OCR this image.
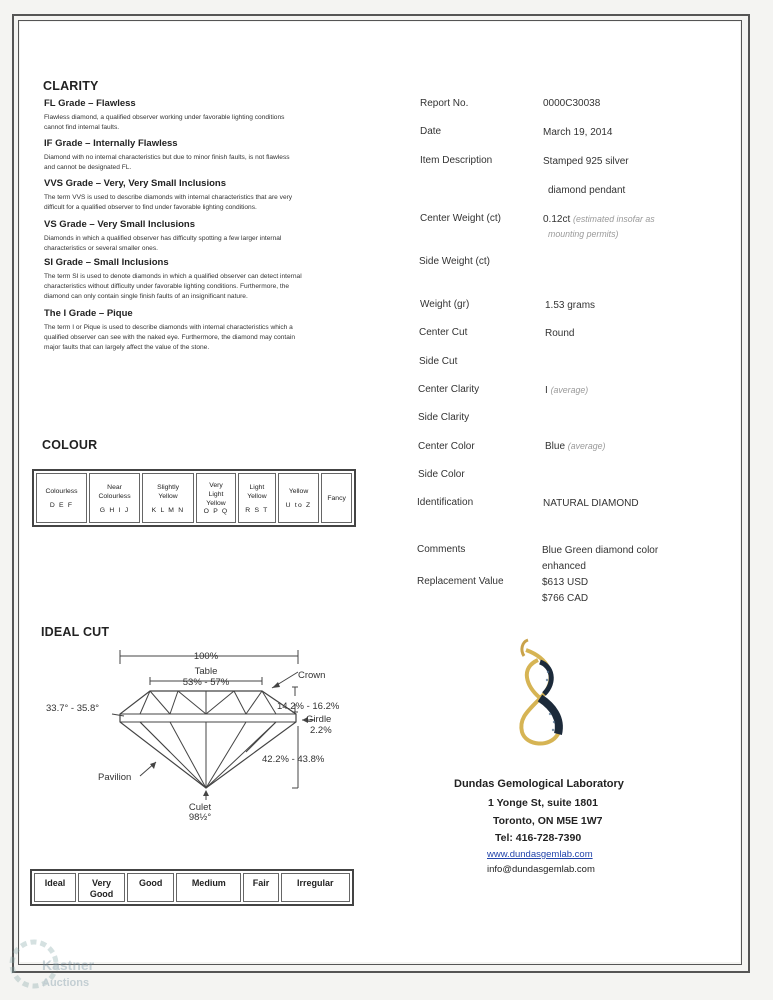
CLARITY
FL Grade – Flawless
Flawless diamond, a qualified observer working under favorable lighting conditions
cannot find internal faults.
IF Grade – Internally Flawless
Diamond with no internal characteristics but due to minor finish faults, is not flawless
and cannot be designated FL.
VVS Grade – Very, Very Small Inclusions
The term VVS is used to describe diamonds with internal characteristics that are very
difficult for a qualified observer to find under favorable lighting conditions.
VS Grade – Very Small Inclusions
Diamonds in which a qualified observer has difficulty spotting a few larger internal
characteristics or several smaller ones.
SI Grade – Small Inclusions
The term SI is used to denote diamonds in which a qualified observer can detect internal
characteristics without difficulty under favorable lighting conditions. Furthermore, the
diamond can only contain single finish faults of an insignificant nature.
The I Grade – Pique
The term I or Pique is used to describe diamonds with internal characteristics which a
qualified observer can see with the naked eye. Furthermore, the diamond may contain
major faults that can largely affect the value of the stone.
COLOUR
Colourless
D E F

Near
Colourless
G H I J

Slightly
Yellow
K L M N

Very
Light
Yellow
O P Q

Light
Yellow
R S T

Yellow
U to Z

Fancy
IDEAL CUT
100%
Table
53% - 57%
Crown
33.7° - 35.8°	14.2% - 16.2%
Girdle
2.2%
42.2% - 43.8%
Pavilion
Culet
98½°
Ideal	Very
Good

Good	Medium	Fair	Irregular
Report No.	0000C30038
Date	March 19, 2014
Item Description	Stamped 925 silver
diamond pendant
Center Weight (ct)	0.12ct (estimated insofar as
mounting permits)
Side Weight (ct)
Weight (gr)	1.53 grams
Center Cut	Round
Side Cut
Center Clarity	I (average)
Side Clarity
Center Color	Blue (average)
Side Color
Identification	NATURAL DIAMOND
Comments	Blue Green diamond color
enhanced
Replacement Value	$613 USD
$766 CAD
Dundas Gemological Laboratory
1 Yonge St, suite 1801
Toronto, ON M5E 1W7
Tel: 416-728-7390
www.dundasgemlab.com
info@dundasgemlab.com
Kastner
Auctions
